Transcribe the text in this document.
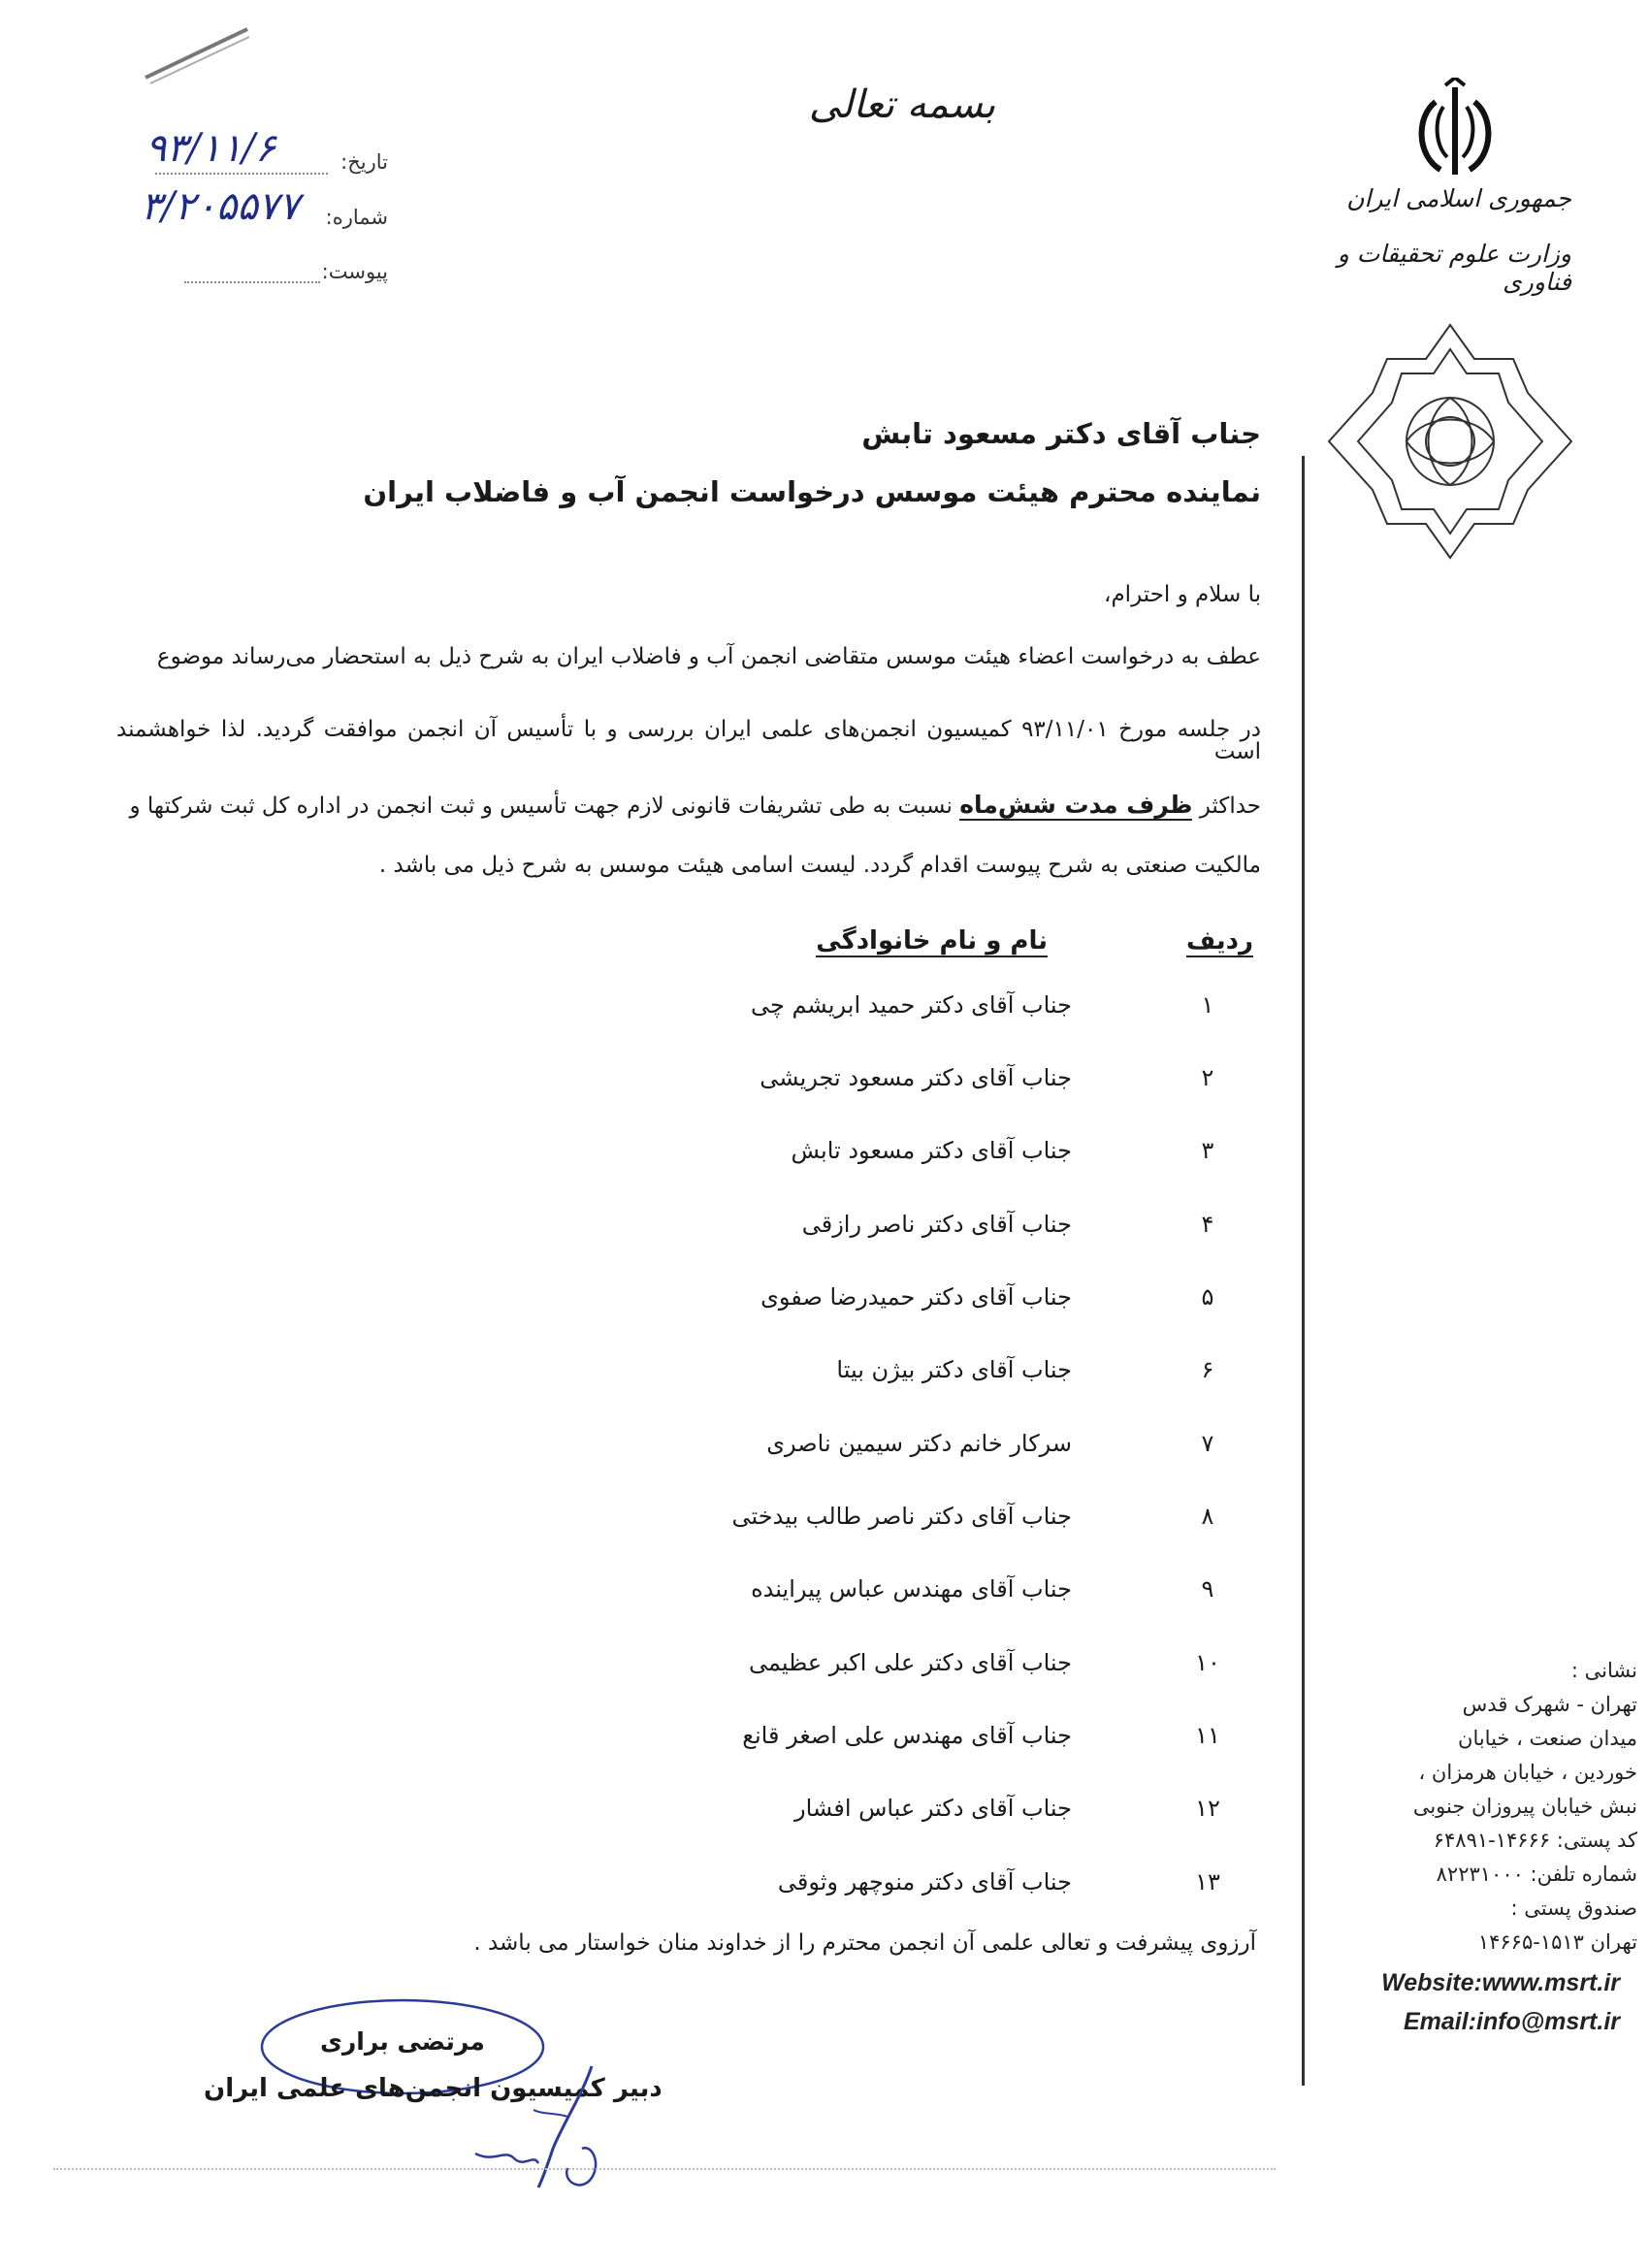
بسمه تعالی
تاریخ:
۹۳/۱۱/۶
شماره:
۳/۲۰۵۵۷۷
پیوست:
جمهوری اسلامی ایران
وزارت علوم تحقیقات و فناوری
جناب آقای دکتر مسعود تابش
نماینده محترم هیئت موسس درخواست انجمن آب و فاضلاب ایران
با سلام و احترام،
عطف به درخواست اعضاء هیئت موسس متقاضی انجمن آب و فاضلاب ایران به شرح ذیل به استحضار می‌رساند موضوع
در جلسه مورخ ۹۳/۱۱/۰۱ کمیسیون انجمن‌های علمی ایران بررسی و با تأسیس آن انجمن موافقت گردید. لذا خواهشمند است
حداکثر ظرف مدت شش‌ماه نسبت به طی تشریفات قانونی لازم جهت تأسیس و ثبت انجمن در اداره کل ثبت شرکتها و
مالکیت صنعتی به شرح پیوست اقدام گردد. لیست اسامی هیئت موسس به شرح ذیل می باشد .
ردیف
نام و نام خانوادگی
۱
جناب آقای دکتر حمید ابریشم چی
۲
جناب آقای دکتر مسعود تجریشی
۳
جناب آقای دکتر مسعود تابش
۴
جناب آقای دکتر ناصر رازقی
۵
جناب آقای دکتر حمیدرضا صفوی
۶
جناب آقای دکتر بیژن بیتا
۷
سرکار خانم دکتر سیمین ناصری
۸
جناب آقای دکتر ناصر طالب بیدختی
۹
جناب آقای مهندس عباس پیراینده
۱۰
جناب آقای دکتر علی اکبر عظیمی
۱۱
جناب آقای مهندس علی اصغر قانع
۱۲
جناب آقای دکتر عباس افشار
۱۳
جناب آقای دکتر منوچهر وثوقی
آرزوی پیشرفت و تعالی علمی آن انجمن محترم را از خداوند منان خواستار می باشد .
مرتضی براری
دبیر کمیسیون انجمن‌های علمی ایران
نشانی :
تهران - شهرک قدس
میدان صنعت ، خیابان
خوردین ، خیابان هرمزان ،
نبش خیابان پیروزان جنوبی
کد پستی: ۱۴۶۶۶-۶۴۸۹۱
شماره تلفن: ۸۲۲۳۱۰۰۰
صندوق پستی :
تهران ۱۵۱۳-۱۴۶۶۵
Website:www.msrt.ir
Email:info@msrt.ir
